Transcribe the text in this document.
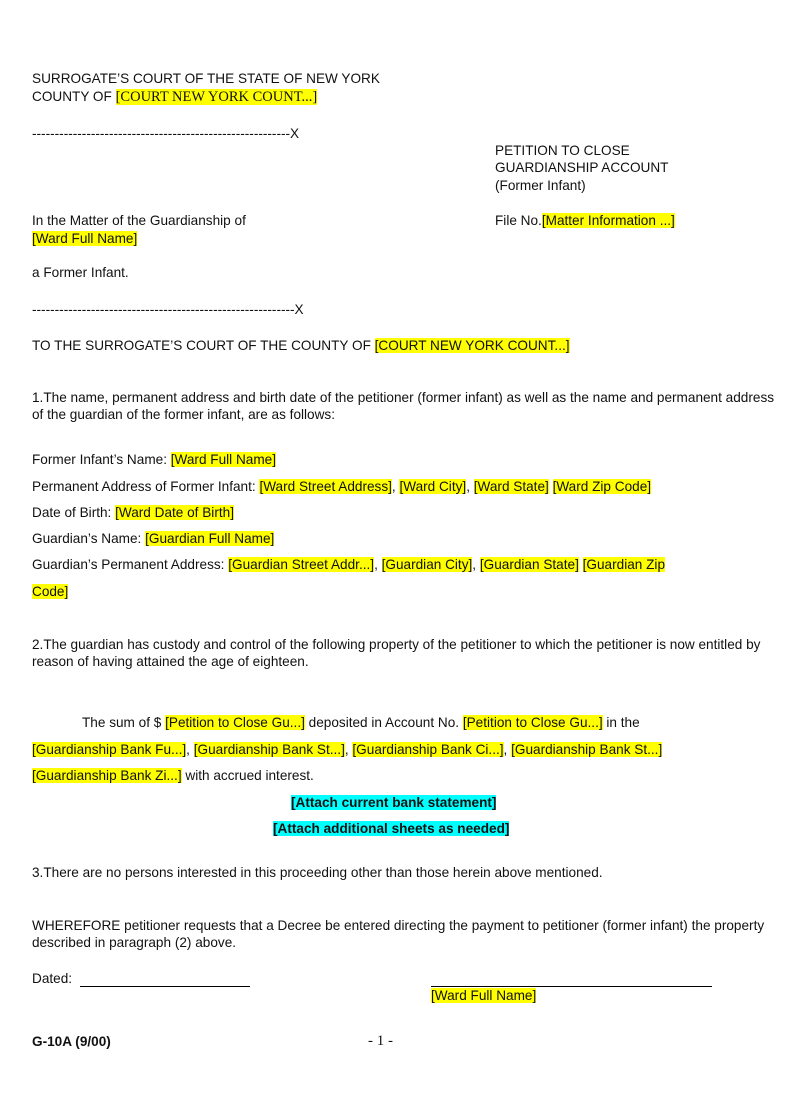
SURROGATE’S COURT OF THE STATE OF NEW YORK
COUNTY OF [COURT NEW YORK COUNT...]
---------------------------------------------------------X
PETITION TO CLOSE
GUARDIANSHIP ACCOUNT
(Former Infant)
In the Matter of the Guardianship of
[Ward Full Name]
File No.[Matter Information ...]
a Former Infant.
----------------------------------------------------------X
TO THE SURROGATE’S COURT OF THE COUNTY OF [COURT NEW YORK COUNT...]
1.The name, permanent address and birth date of the petitioner (former infant) as well as the name and permanent address of the guardian of the former infant, are as follows:
Former Infant’s Name: [Ward Full Name]
Permanent Address of Former Infant: [Ward Street Address], [Ward City], [Ward State] [Ward Zip Code]
Date of Birth: [Ward Date of Birth]
Guardian’s Name: [Guardian Full Name]
Guardian’s Permanent Address: [Guardian Street Addr...], [Guardian City], [Guardian State] [Guardian Zip
Code]
2.The guardian has custody and control of the following property of the petitioner to which the petitioner is now entitled by reason of having attained the age of eighteen.
The sum of $ [Petition to Close Gu...] deposited in Account No. [Petition to Close Gu...] in the
[Guardianship Bank Fu...], [Guardianship Bank St...], [Guardianship Bank Ci...], [Guardianship Bank St...]
[Guardianship Bank Zi...] with accrued interest.
[Attach current bank statement]
[Attach additional sheets as needed]
3.There are no persons interested in this proceeding other than those herein above mentioned.
WHEREFORE petitioner requests that a Decree be entered directing the payment to petitioner (former infant) the property described in paragraph (2) above.
Dated:
[Ward Full Name]
G-10A (9/00)	- 1 -
